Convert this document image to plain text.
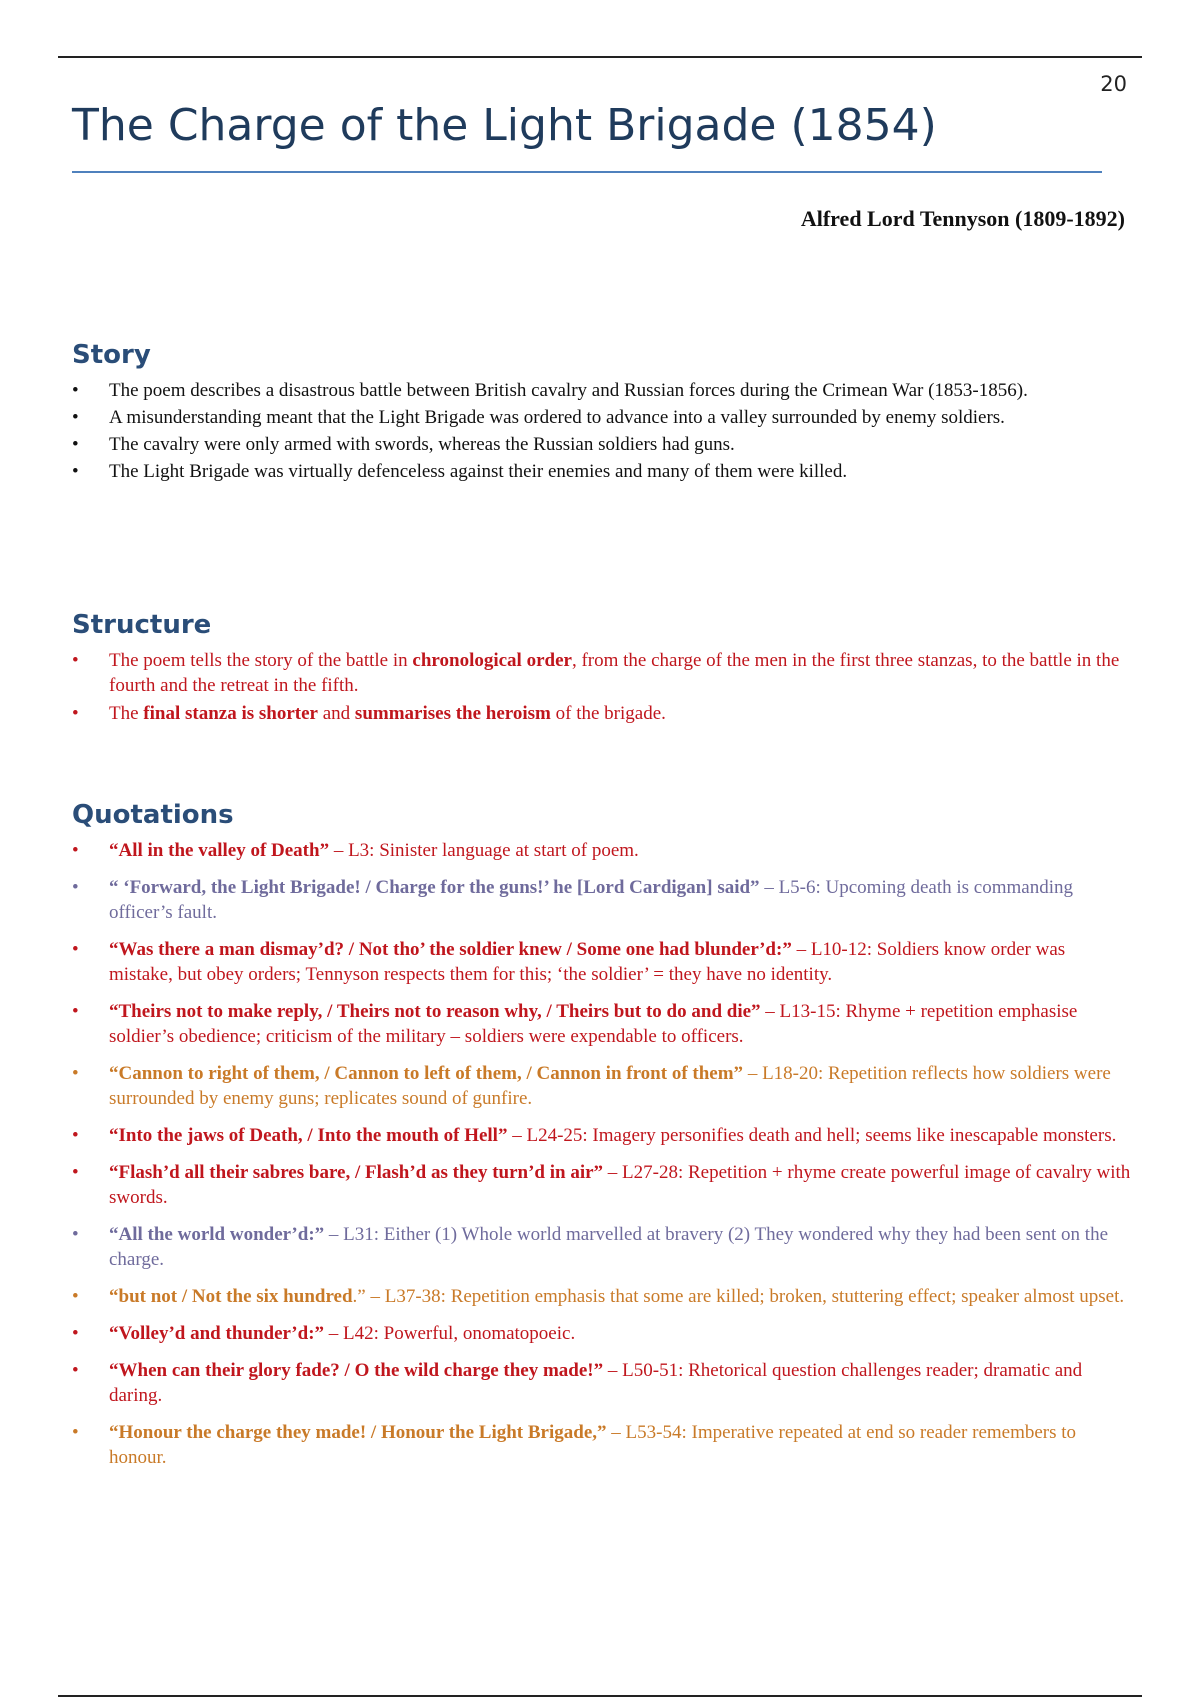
20
The Charge of the Light Brigade (1854)
Alfred Lord Tennyson (1809-1892)
Story
• The poem describes a disastrous battle between British cavalry and Russian forces during the Crimean War (1853-1856).
• A misunderstanding meant that the Light Brigade was ordered to advance into a valley surrounded by enemy soldiers.
• The cavalry were only armed with swords, whereas the Russian soldiers had guns.
• The Light Brigade was virtually defenceless against their enemies and many of them were killed.
Structure
• The poem tells the story of the battle in chronological order, from the charge of the men in the first three stanzas, to the battle in the fourth and the retreat in the fifth.
• The final stanza is shorter and summarises the heroism of the brigade.
Quotations
• “All in the valley of Death” – L3: Sinister language at start of poem.
• “ ‘Forward, the Light Brigade! / Charge for the guns!’ he [Lord Cardigan] said” – L5-6: Upcoming death is commanding officer’s fault.
• “Was there a man dismay’d? / Not tho’ the soldier knew / Some one had blunder’d:” – L10-12: Soldiers know order was mistake, but obey orders; Tennyson respects them for this; ‘the soldier’ = they have no identity.
• “Theirs not to make reply, / Theirs not to reason why, / Theirs but to do and die” – L13-15: Rhyme + repetition emphasise soldier’s obedience; criticism of the military – soldiers were expendable to officers.
• “Cannon to right of them, / Cannon to left of them, / Cannon in front of them” – L18-20: Repetition reflects how soldiers were surrounded by enemy guns; replicates sound of gunfire.
• “Into the jaws of Death, / Into the mouth of Hell” – L24-25: Imagery personifies death and hell; seems like inescapable monsters.
• “Flash’d all their sabres bare, / Flash’d as they turn’d in air” – L27-28: Repetition + rhyme create powerful image of cavalry with swords.
• “All the world wonder’d:” – L31: Either (1) Whole world marvelled at bravery (2) They wondered why they had been sent on the charge.
• “but not / Not the six hundred.” – L37-38: Repetition emphasis that some are killed; broken, stuttering effect; speaker almost upset.
• “Volley’d and thunder’d:” – L42: Powerful, onomatopoeic.
• “When can their glory fade? / O the wild charge they made!” – L50-51: Rhetorical question challenges reader; dramatic and daring.
• “Honour the charge they made! / Honour the Light Brigade,” – L53-54: Imperative repeated at end so reader remembers to honour.
